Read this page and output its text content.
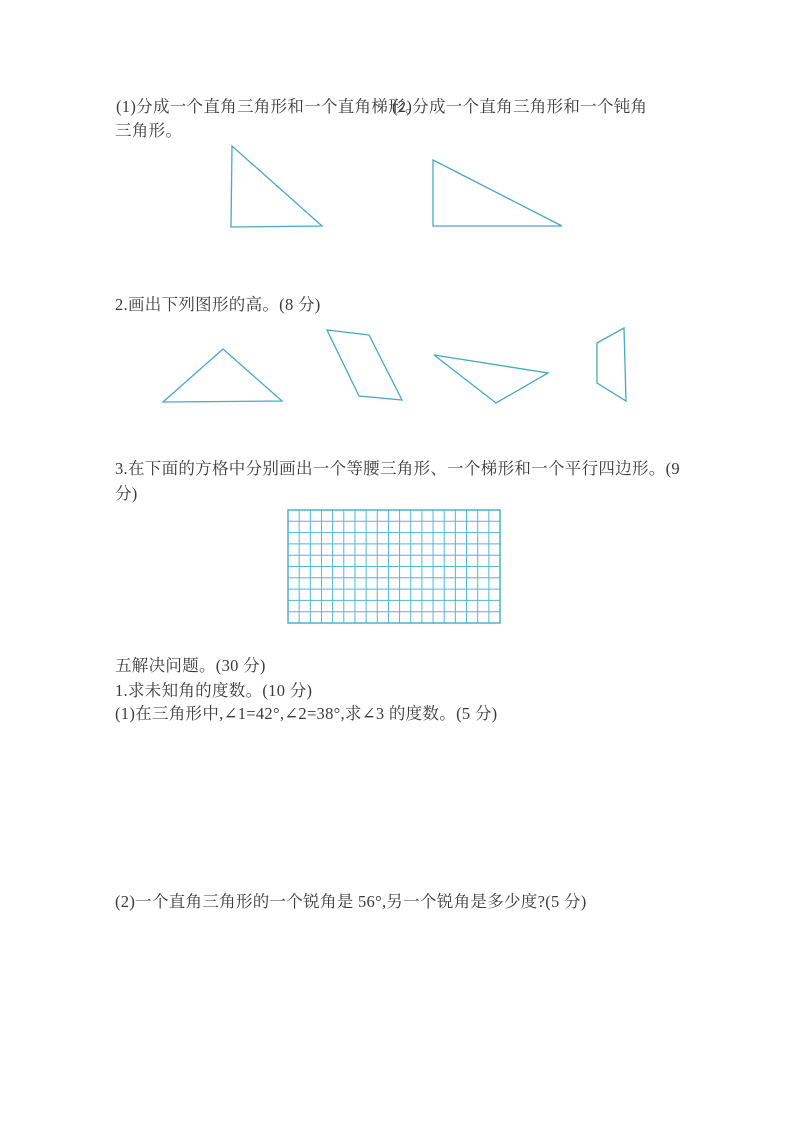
(1)分成一个直角三角形和一个直角梯形。
(2)分成一个直角三角形和一个钝角
三角形。
2.画出下列图形的高。(8 分)
3.在下面的方格中分别画出一个等腰三角形、一个梯形和一个平行四边形。(9
分)
五解决问题。(30 分)
1.求未知角的度数。(10 分)
(1)在三角形中,∠1=42°,∠2=38°,求∠3 的度数。(5 分)
(2)一个直角三角形的一个锐角是 56°,另一个锐角是多少度?(5 分)
